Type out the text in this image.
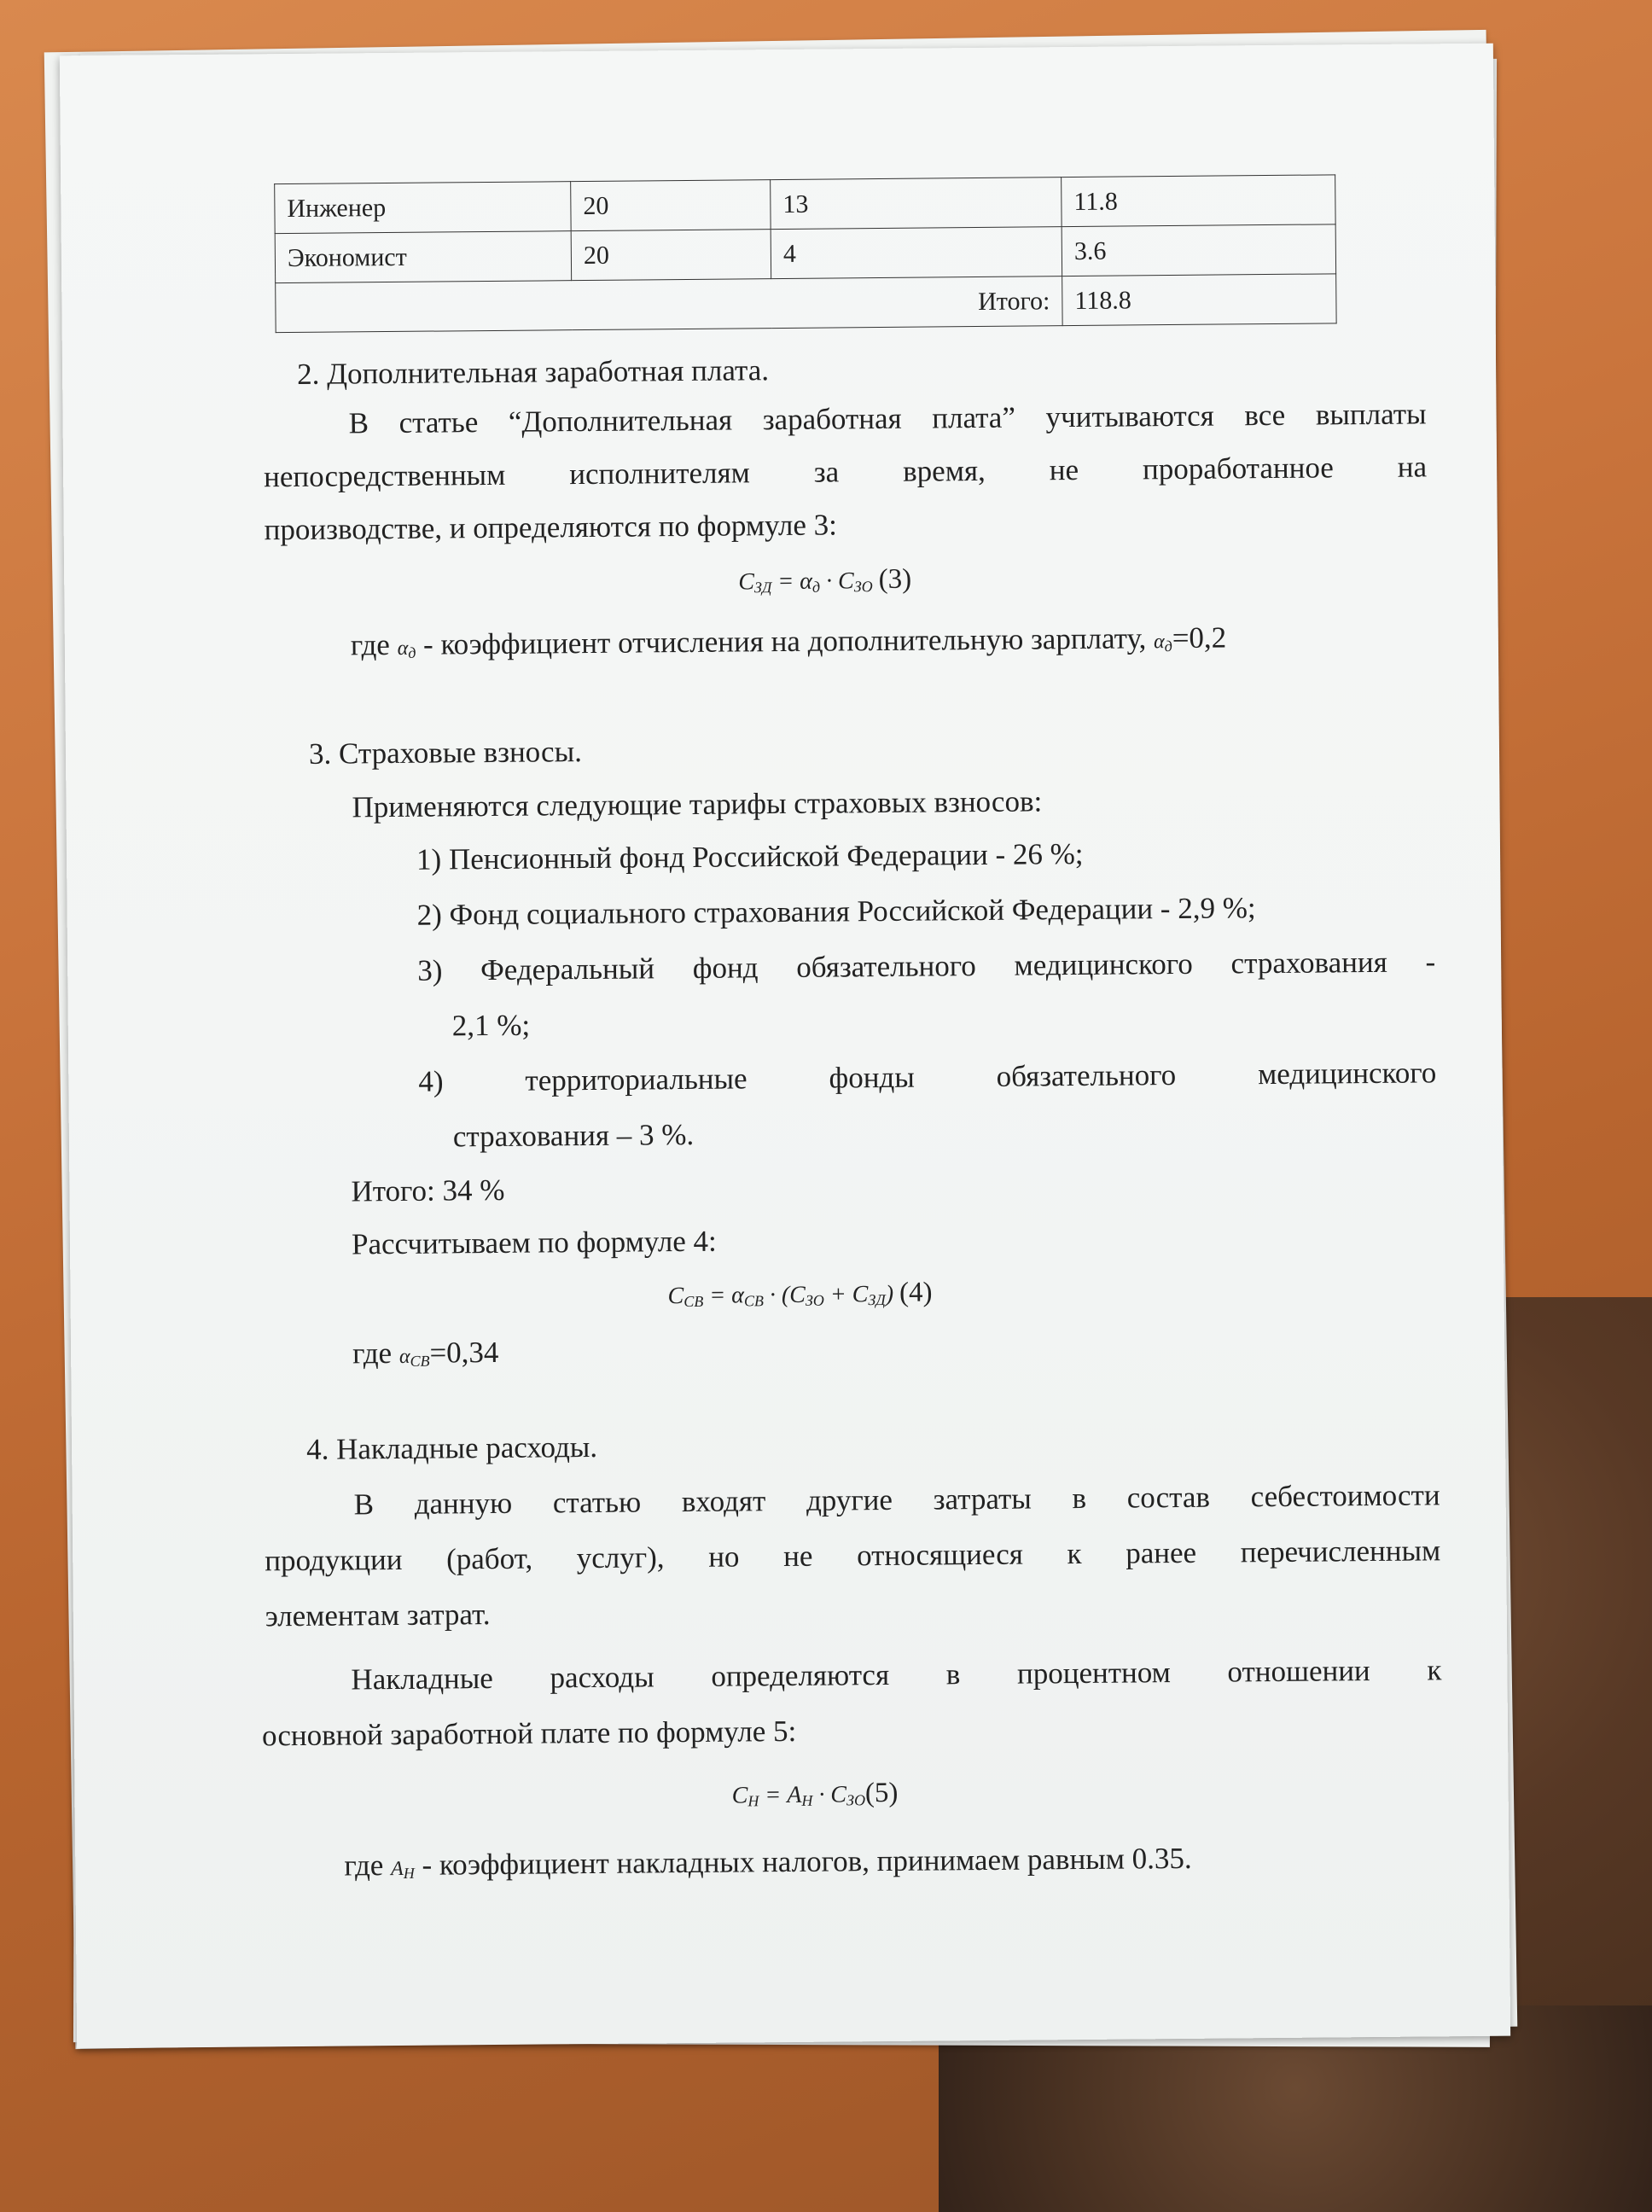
Инженер	20	13	11.8
Экономист	20	4	3.6
Итого:			118.8
2. Дополнительная заработная плата.
В статье “Дополнительная заработная плата” учитываются все выплаты
непосредственным исполнителям за время, не проработанное на
производстве, и определяются по формуле 3:
$C_{ЗД} = \alpha_д \cdot C_{ЗО}$ (3)
где $\alpha_д$ - коэффициент отчисления на дополнительную зарплату, $\alpha_д=0,2$
3. Страховые взносы.
Применяются следующие тарифы страховых взносов:
1) Пенсионный фонд Российской Федерации - 26 %;
2) Фонд социального страхования Российской Федерации - 2,9 %;
3) Федеральный фонд обязательного медицинского страхования -
2,1 %;
4) территориальные фонды обязательного медицинского
страхования – 3 %.
Итого: 34 %
Рассчитываем по формуле 4:
$C_{СВ} = \alpha_{СВ} \cdot (C_{ЗО} + C_{ЗД})$ (4)
где $\alpha_{СВ}=0,34$
4. Накладные расходы.
В данную статью входят другие затраты в состав себестоимости
продукции (работ, услуг), но не относящиеся к ранее перечисленным
элементам затрат.
Накладные расходы определяются в процентном отношении к
основной заработной плате по формуле 5:
$C_Н = A_Н \cdot C_{ЗО}(5)$
где $A_Н$ - коэффициент накладных налогов, принимаем равным 0.35.
